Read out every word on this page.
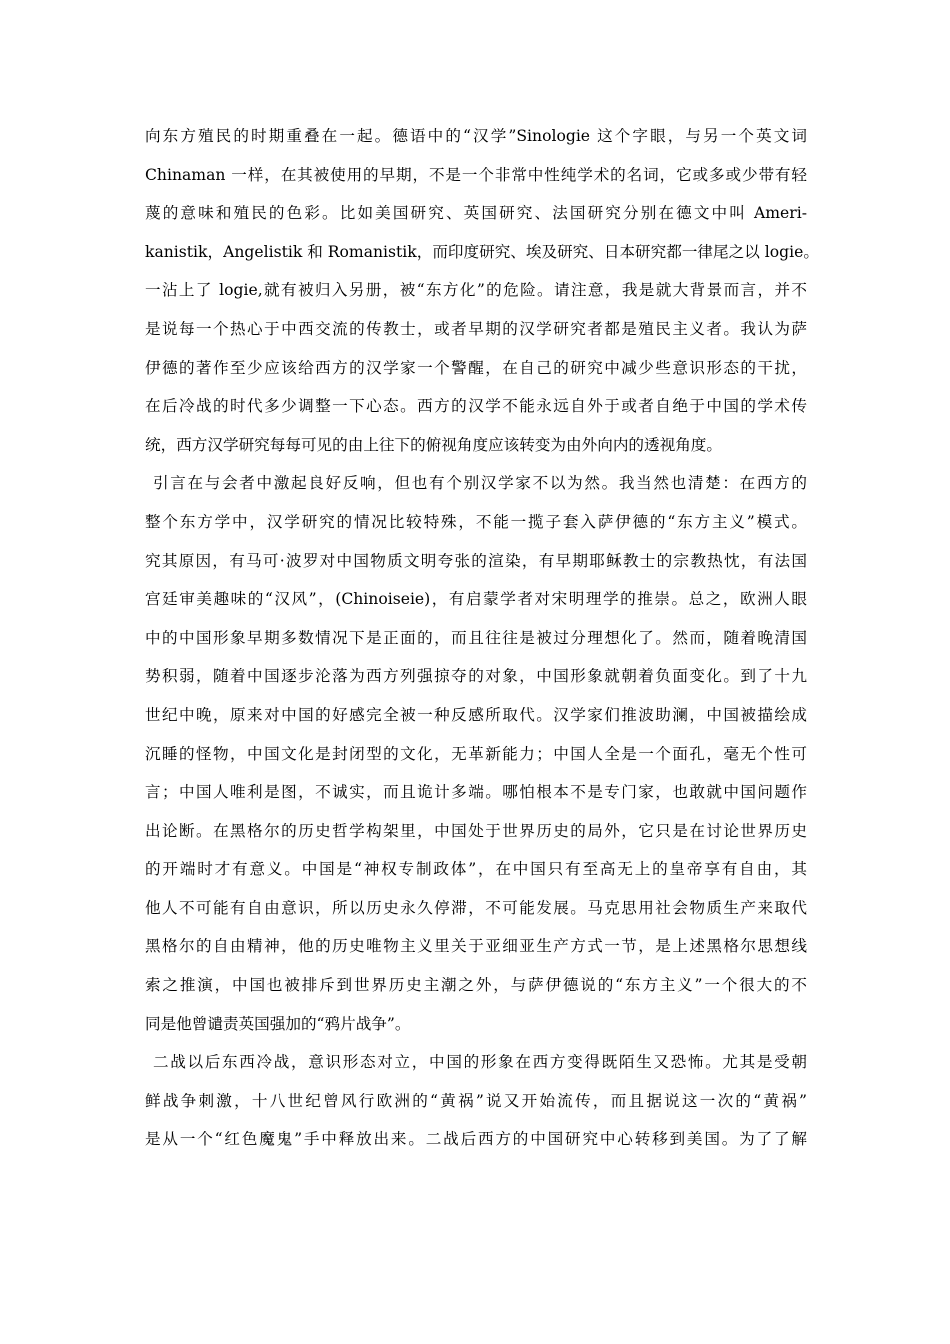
向东方殖民的时期重叠在一起。德语中的“汉学”Sinologie 这个字眼，与另一个英文词
Chinaman 一样，在其被使用的早期，不是一个非常中性纯学术的名词，它或多或少带有轻
蔑的意味和殖民的色彩。比如美国研究、英国研究、法国研究分别在德文中叫 Ameri-
kanistik，Angelistik 和 Romanistik，而印度研究、埃及研究、日本研究都一律尾之以 logie。
一沾上了 logie,就有被归入另册，被“东方化”的危险。请注意，我是就大背景而言，并不
是说每一个热心于中西交流的传教士，或者早期的汉学研究者都是殖民主义者。我认为萨
伊德的著作至少应该给西方的汉学家一个警醒，在自己的研究中减少些意识形态的干扰，
在后冷战的时代多少调整一下心态。西方的汉学不能永远自外于或者自绝于中国的学术传
统，西方汉学研究每每可见的由上往下的俯视角度应该转变为由外向内的透视角度。
引言在与会者中激起良好反响，但也有个别汉学家不以为然。我当然也清楚：在西方的
整个东方学中，汉学研究的情况比较特殊，不能一揽子套入萨伊德的“东方主义”模式。
究其原因，有马可·波罗对中国物质文明夸张的渲染，有早期耶稣教士的宗教热忱，有法国
宫廷审美趣味的“汉风”，(Chinoiseie)，有启蒙学者对宋明理学的推崇。总之，欧洲人眼
中的中国形象早期多数情况下是正面的，而且往往是被过分理想化了。然而，随着晚清国
势积弱，随着中国逐步沦落为西方列强掠夺的对象，中国形象就朝着负面变化。到了十九
世纪中晚，原来对中国的好感完全被一种反感所取代。汉学家们推波助澜，中国被描绘成
沉睡的怪物，中国文化是封闭型的文化，无革新能力；中国人全是一个面孔，毫无个性可
言；中国人唯利是图，不诚实，而且诡计多端。哪怕根本不是专门家，也敢就中国问题作
出论断。在黑格尔的历史哲学构架里，中国处于世界历史的局外，它只是在讨论世界历史
的开端时才有意义。中国是“神权专制政体”，在中国只有至高无上的皇帝享有自由，其
他人不可能有自由意识，所以历史永久停滞，不可能发展。马克思用社会物质生产来取代
黑格尔的自由精神，他的历史唯物主义里关于亚细亚生产方式一节，是上述黑格尔思想线
索之推演，中国也被排斥到世界历史主潮之外，与萨伊德说的“东方主义”一个很大的不
同是他曾谴责英国强加的“鸦片战争”。
二战以后东西冷战，意识形态对立，中国的形象在西方变得既陌生又恐怖。尤其是受朝
鲜战争刺激，十八世纪曾风行欧洲的“黄祸”说又开始流传，而且据说这一次的“黄祸”
是从一个“红色魔鬼”手中释放出来。二战后西方的中国研究中心转移到美国。为了了解
